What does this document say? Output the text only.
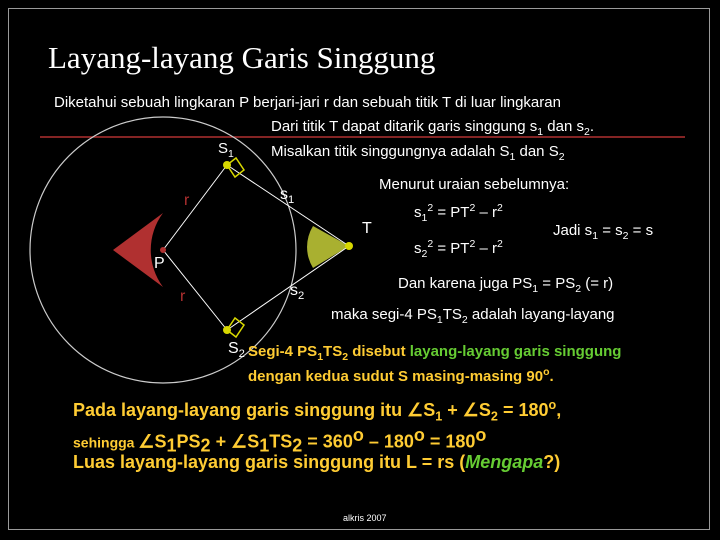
Layang-layang Garis Singgung
Diketahui sebuah lingkaran P berjari-jari r dan sebuah titik T di luar lingkaran
$S_1$
$S_2$
$s_1$
$s_2$
r
r
T
P
Dari titik T dapat ditarik garis singgung $s_1$ dan $s_2$.
Misalkan titik singgungnya adalah $S_1$ dan $S_2$
Menurut uraian sebelumnya:
$s_1^2 = PT^2 - r^2$
$s_2^2 = PT^2 - r^2$
Jadi $s_1 = s_2 = s$
Dan karena juga $PS_1 = PS_2$ (= r)
maka segi-4 $PS_1TS_2$ adalah layang-layang
Segi-4 $PS_1TS_2$ disebut layang-layang garis singgung
dengan kedua sudut S masing-masing 90$^o$.
Pada layang-layang garis singgung itu $\angle S_1$ + $\angle S_2 = 180^o$,
sehingga $\angle S_1PS_2$ + $\angle S_1TS_2 = 360^o - 180^o = 180^o$
Luas layang-layang garis singgung itu L = rs (Mengapa?)
alkris 2007
